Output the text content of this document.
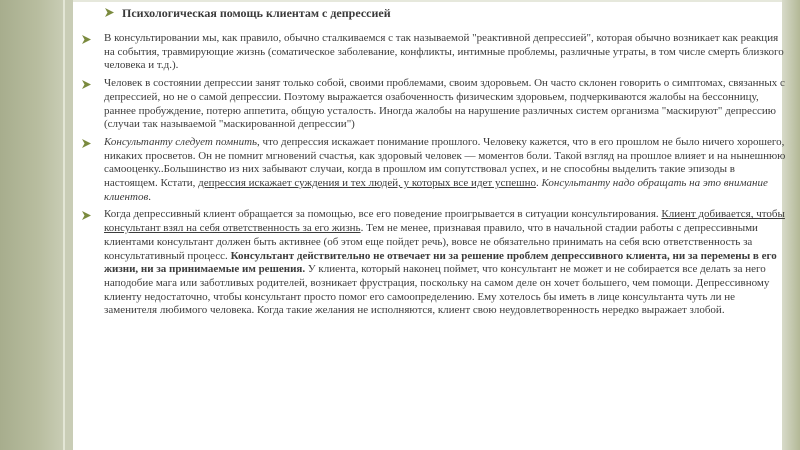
Психологическая помощь клиентам с депрессией
В консультировании мы, как правило, обычно сталкиваемся с так называемой "реактивной депрессией", которая обычно возникает как реакция на события, травмирующие жизнь (соматическое заболевание, конфликты, интимные проблемы, различные утраты, в том числе смерть близкого человека и т.д.).
Человек в состоянии депрессии занят только собой, своими проблемами, своим здоровьем. Он часто склонен говорить о симптомах, связанных с депрессией, но не о самой депрессии. Поэтому выражается озабоченность физическим здоровьем, подчеркиваются жалобы на бессонницу, раннее пробуждение, потерю аппетита, общую усталость. Иногда жалобы на нарушение различных систем организма "маскируют" депрессию (случаи так называемой "маскированной депрессии")
Консультанту следует помнить, что депрессия искажает понимание прошлого. Человеку кажется, что в его прошлом не было ничего хорошего, никаких просветов. Он не помнит мгновений счастья, как здоровый человек — моментов боли. Такой взгляд на прошлое влияет и на нынешнюю самооценку..Большинство из них забывают случаи, когда в прошлом им сопутствовал успех, и не способны выделить такие эпизоды в настоящем. Кстати, депрессия искажает суждения и тех людей, у которых все идет успешно. Консультанту надо обращать на это внимание клиентов.
Когда депрессивный клиент обращается за помощью, все его поведение проигрывается в ситуации консультирования. Клиент добивается, чтобы консультант взял на себя ответственность за его жизнь. Тем не менее, признавая правило, что в начальной стадии работы с депрессивными клиентами консультант должен быть активнее (об этом еще пойдет речь), вовсе не обязательно принимать на себя всю ответственность за консультативный процесс. Консультант действительно не отвечает ни за решение проблем депрессивного клиента, ни за перемены в его жизни, ни за принимаемые им решения. У клиента, который наконец поймет, что консультант не может и не собирается все делать за него наподобие мага или заботливых родителей, возникает фрустрация, поскольку на самом деле он хочет большего, чем помощи. Депрессивному клиенту недостаточно, чтобы консультант просто помог его самоопределению. Ему хотелось бы иметь в лице консультанта чуть ли не заменителя любимого человека. Когда такие желания не исполняются, клиент свою неудовлетворенность нередко выражает злобой.
